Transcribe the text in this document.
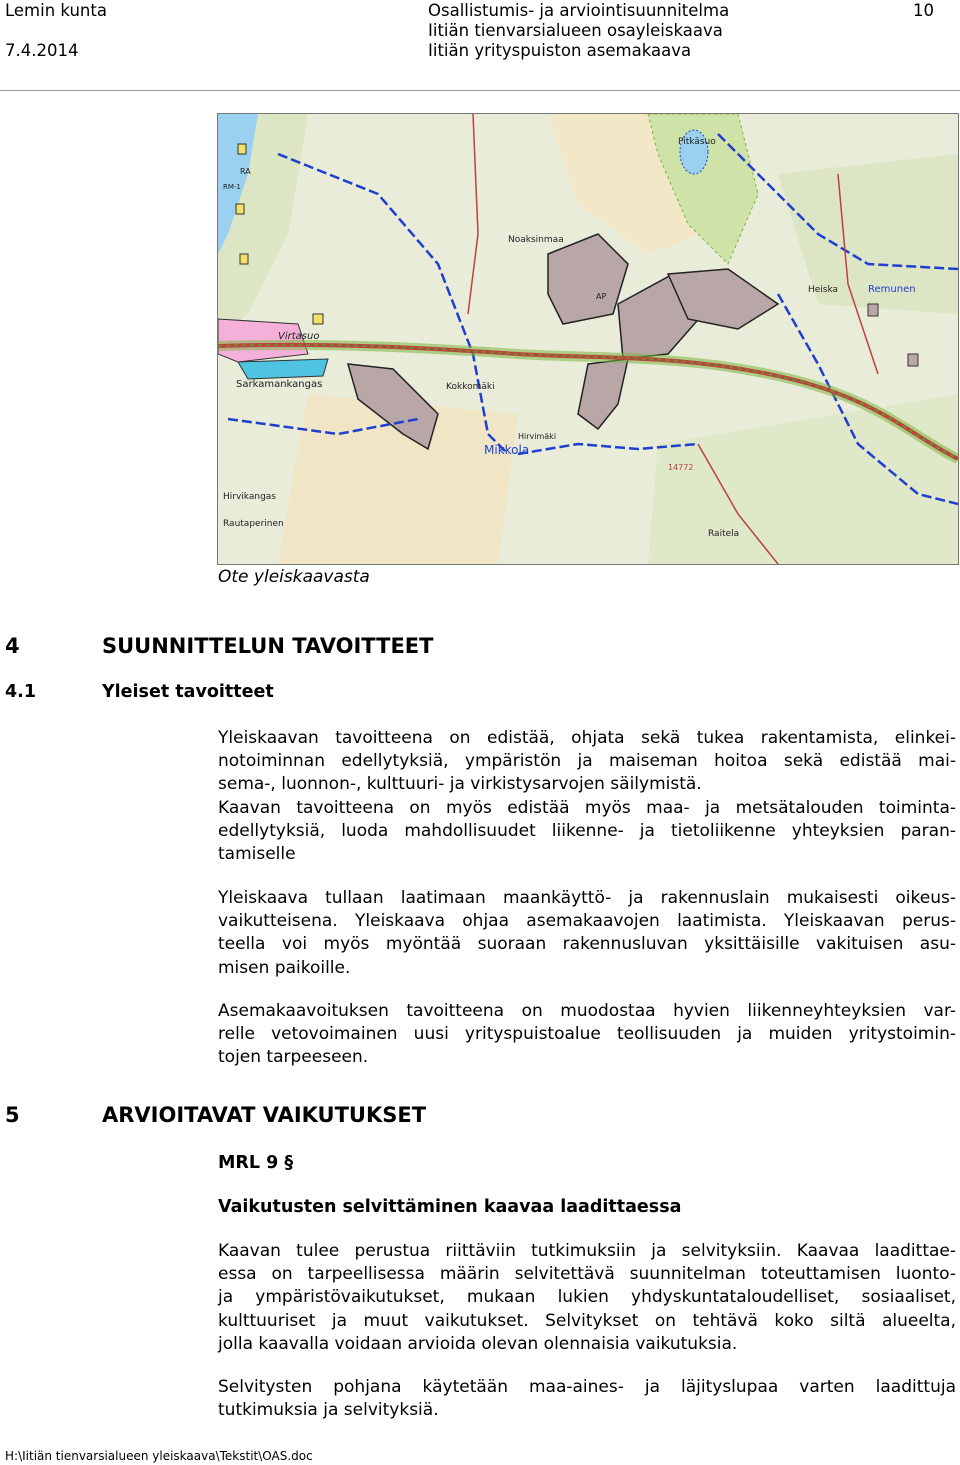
Lemin kunta
7.4.2014
Osallistumis- ja arviointisuunnitelma
Iitiän tienvarsialueen osayleiskaava
Iitiän yrityspuiston asemakaava
10
Pitkäsuo
Virtasuo
Sarkamankangas	Kokkomäki
Mikkola
Heiska	Remunen
Hirvikangas
Rautaperinen
14772
Raitela
Hirvimäki
Noaksinmaa
AP
RA
RM-1
Ote yleiskaavasta
4	SUUNNITTELUN TAVOITTEET
4.1	Yleiset tavoitteet
Yleiskaavan tavoitteena on edistää, ohjata sekä tukea rakentamista, elinkei-
notoiminnan edellytyksiä, ympäristön ja maiseman hoitoa sekä edistää mai-
sema-, luonnon-, kulttuuri- ja virkistysarvojen säilymistä.
Kaavan tavoitteena on myös edistää myös maa- ja metsätalouden toiminta-
edellytyksiä, luoda mahdollisuudet liikenne- ja tietoliikenne yhteyksien paran-
tamiselle
Yleiskaava tullaan laatimaan maankäyttö- ja rakennuslain mukaisesti oikeus-
vaikutteisena. Yleiskaava ohjaa asemakaavojen laatimista. Yleiskaavan perus-
teella voi myös myöntää suoraan rakennusluvan yksittäisille vakituisen asu-
misen paikoille.
Asemakaavoituksen tavoitteena on muodostaa hyvien liikenneyhteyksien var-
relle vetovoimainen uusi yrityspuistoalue teollisuuden ja muiden yritystoimin-
tojen tarpeeseen.
5	ARVIOITAVAT VAIKUTUKSET
MRL 9 §
Vaikutusten selvittäminen kaavaa laadittaessa
Kaavan tulee perustua riittäviin tutkimuksiin ja selvityksiin. Kaavaa laadittae-
essa on tarpeellisessa määrin selvitettävä suunnitelman toteuttamisen luonto-
ja ympäristövaikutukset, mukaan lukien yhdyskuntataloudelliset, sosiaaliset,
kulttuuriset ja muut vaikutukset. Selvitykset on tehtävä koko siltä alueelta,
jolla kaavalla voidaan arvioida olevan olennaisia vaikutuksia.
Selvitysten pohjana käytetään maa-aines- ja läjityslupaa varten laadittuja
tutkimuksia ja selvityksiä.
H:\Iitiän tienvarsialueen yleiskaava\Tekstit\OAS.doc
